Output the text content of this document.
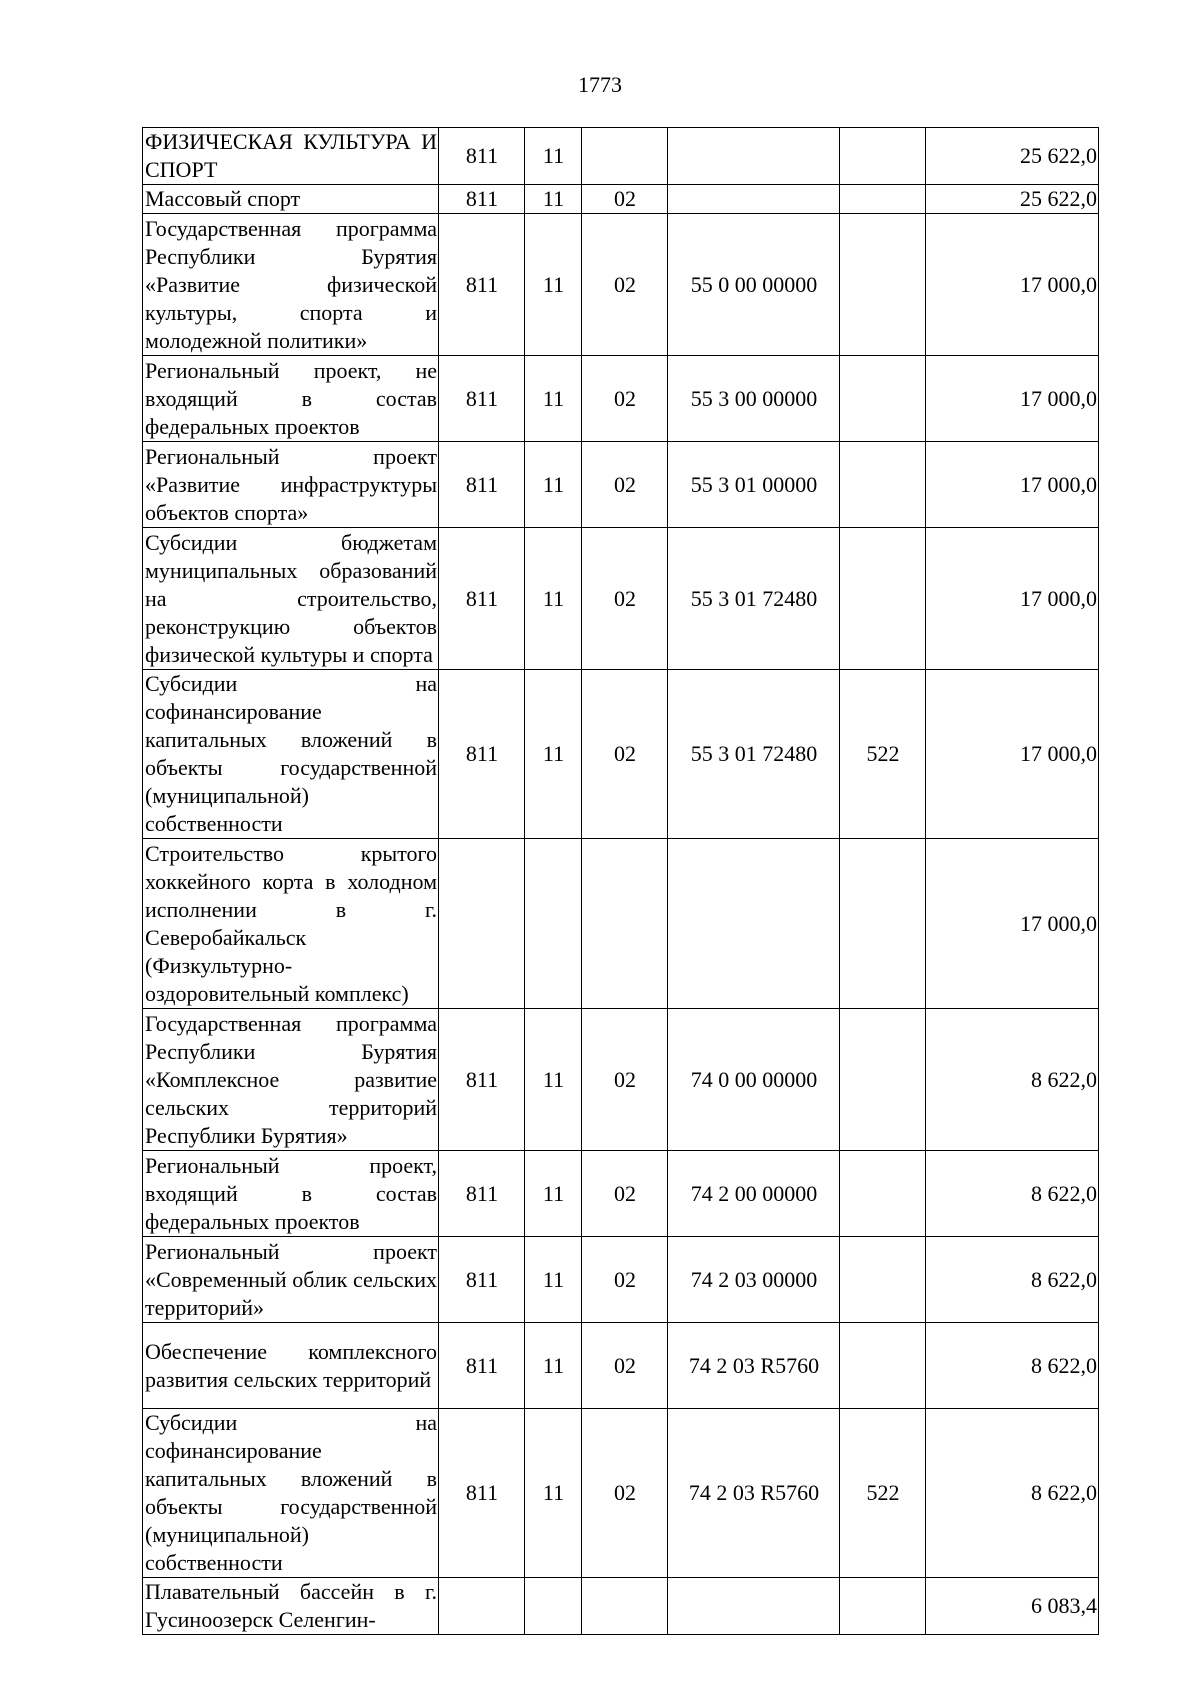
1773
ФИЗИЧЕСКАЯ КУЛЬТУРА И СПОРТ	811	11				25 622,0
Массовый спорт	811	11	02			25 622,0
Государственная программа Республики Бурятия «Развитие физической культуры, спорта и молодежной политики»	811	11	02	55 0 00 00000		17 000,0
Региональный проект, не входящий в состав федеральных проектов	811	11	02	55 3 00 00000		17 000,0
Региональный проект «Развитие инфраструктуры объектов спорта»	811	11	02	55 3 01 00000		17 000,0
Субсидии бюджетам муниципальных образований на строительство, реконструкцию объектов физической культуры и спорта	811	11	02	55 3 01 72480		17 000,0
Субсидии на софинансирование капитальных вложений в объекты государственной (муниципальной) собственности	811	11	02	55 3 01 72480	522	17 000,0
Строительство крытого хоккейного корта в холодном исполнении в г. Северобайкальск (Физкультурно-оздоровительный комплекс)						17 000,0
Государственная программа Республики Бурятия «Комплексное развитие сельских территорий Республики Бурятия»	811	11	02	74 0 00 00000		8 622,0
Региональный проект, входящий в состав федеральных проектов	811	11	02	74 2 00 00000		8 622,0
Региональный проект «Современный облик сельских территорий»	811	11	02	74 2 03 00000		8 622,0
Обеспечение комплексного развития сельских территорий	811	11	02	74 2 03 R5760		8 622,0
Субсидии на софинансирование капитальных вложений в объекты государственной (муниципальной) собственности	811	11	02	74 2 03 R5760	522	8 622,0
Плавательный бассейн в г. Гусиноозерск Селенгин-						6 083,4
